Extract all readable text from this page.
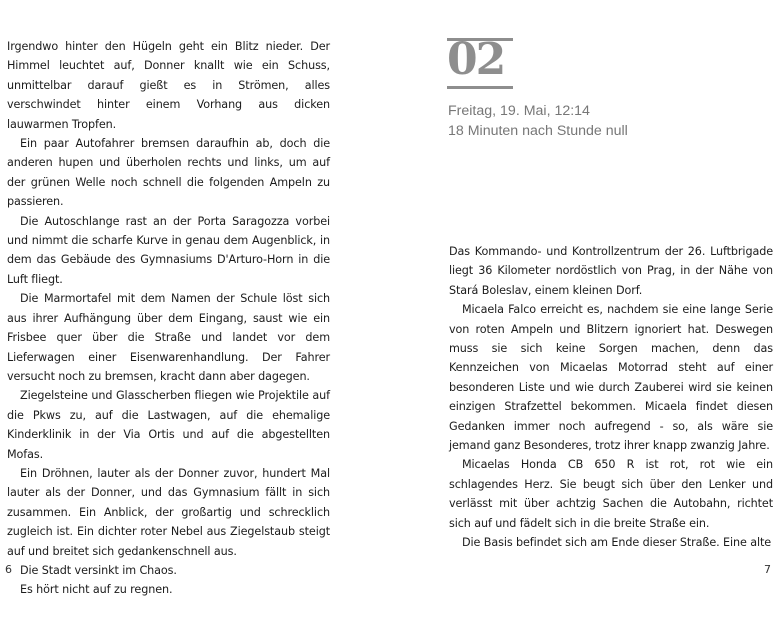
Irgendwo hinter den Hügeln geht ein Blitz nieder. Der Himmel leuchtet auf, Donner knallt wie ein Schuss, unmittelbar darauf gießt es in Strömen, alles verschwindet hinter einem Vorhang aus dicken lauwarmen Tropfen.

Ein paar Autofahrer bremsen daraufhin ab, doch die anderen hupen und überholen rechts und links, um auf der grünen Welle noch schnell die folgenden Ampeln zu passieren.

Die Autoschlange rast an der Porta Saragozza vorbei und nimmt die scharfe Kurve in genau dem Augenblick, in dem das Gebäude des Gymnasiums D'Arturo-Horn in die Luft fliegt.

Die Marmortafel mit dem Namen der Schule löst sich aus ihrer Aufhängung über dem Eingang, saust wie ein Frisbee quer über die Straße und landet vor dem Lieferwagen einer Eisenwarenhandlung. Der Fahrer versucht noch zu bremsen, kracht dann aber dagegen.

Ziegelsteine und Glasscherben fliegen wie Projektile auf die Pkws zu, auf die Lastwagen, auf die ehemalige Kinderklinik in der Via Ortis und auf die abgestellten Mofas.

Ein Dröhnen, lauter als der Donner zuvor, hundert Mal lauter als der Donner, und das Gymnasium fällt in sich zusammen. Ein Anblick, der großartig und schrecklich zugleich ist. Ein dichter roter Nebel aus Ziegelstaub steigt auf und breitet sich gedankenschnell aus.

Die Stadt versinkt im Chaos.

Es hört nicht auf zu regnen.

6
02
Freitag, 19. Mai, 12:14
18 Minuten nach Stunde null

Das Kommando- und Kontrollzentrum der 26. Luftbrigade liegt 36 Kilometer nordöstlich von Prag, in der Nähe von Stará Boleslav, einem kleinen Dorf.

Micaela Falco erreicht es, nachdem sie eine lange Serie von roten Ampeln und Blitzern ignoriert hat. Deswegen muss sie sich keine Sorgen machen, denn das Kennzeichen von Micaelas Motorrad steht auf einer besonderen Liste und wie durch Zauberei wird sie keinen einzigen Strafzettel bekommen. Micaela findet diesen Gedanken immer noch aufregend - so, als wäre sie jemand ganz Besonderes, trotz ihrer knapp zwanzig Jahre.

Micaelas Honda CB 650 R ist rot, rot wie ein schlagendes Herz. Sie beugt sich über den Lenker und verlässt mit über achtzig Sachen die Autobahn, richtet sich auf und fädelt sich in die breite Straße ein.

Die Basis befindet sich am Ende dieser Straße. Eine alte

7
